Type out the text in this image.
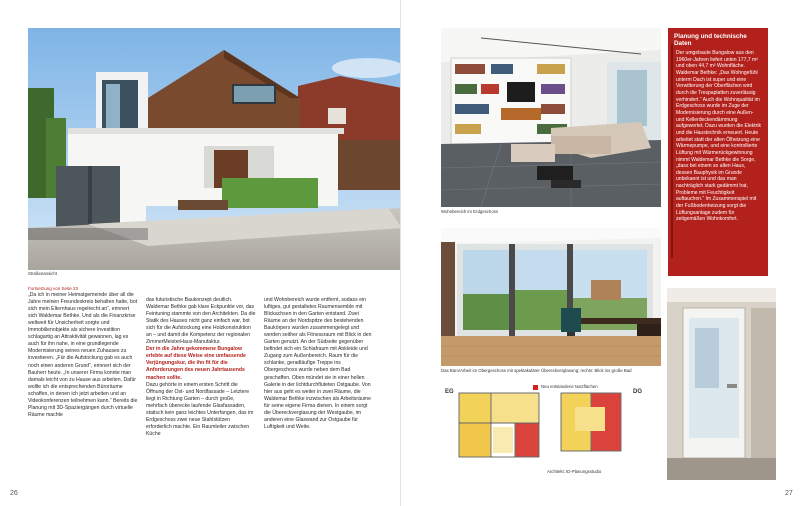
Straßenansicht
Fortsetzung von Seite 23

„Da ich in meiner Heimatgemeinde über all die Jahre meinen Freundeskreis behalten hatte, bot sich mein Elternhaus regelrecht an“, erinnert sich Waldemar Bethke. Und als die Finanzkrise weltweit für Unsicherheit sorgte und Immobilienobjekte als sichere Investition schlagartig an Attraktivität gewannen, lag es auch für ihn nahe, in eine grundlegende Modernisierung seines neuen Zuhauses zu investieren. „Für die Aufstockung gab es auch noch einen anderen Grund“, erinnert sich der Bauherr heute. „In unserer Firma konnte man damals leicht von zu Hause aus arbeiten. Dafür wollte ich die entsprechenden Büroräume schaffen, in denen ich jetzt arbeiten und an Videokonferenzen teilnehmen kann.“ Bereits die Planung mit 3D-Spaziergängen durch virtuelle Räume machte

das futuristische Baukonzept deutlich. Waldemar Bethke gab klare Eckpunkte vor, das Feintuning stammte von den Architekten. Da die Statik des Hauses nicht ganz einfach war, bot sich für die Aufstockung eine Holzkonstruktion an – und damit die Kompetenz der regionalen ZimmerMeisterHaus-Manufaktur.

Der in die Jahre gekommene Bungalow erlebte auf diese Weise eine umfassende Verjüngungskur, die ihn fit für die Anforderungen des neuen Jahrtausends machen sollte.

Dazu gehörte in einem ersten Schritt die Öffnung der Ost- und Nordfassade – Letztere liegt in Richtung Garten – durch große, mehrfach überecke laufende Glasfassaden, statisch kein ganz leichtes Unterfangen, das im Erdgeschoss zwei neue Stahlstützen erforderlich machte. Ein Raumteiler zwischen Küche

und Wohnbereich wurde entfernt, sodass ein luftiges, gut gestaltetes Raumensemble mit Blickachsen in den Garten entstand. Zwei Räume an der Nordspitze des bestehenden Baukörpers wurden zusammengelegt und werden seither als Fitnessraum mit Blick in den Garten genutzt. An der Südseite gegenüber befindet sich ein Schlafraum mit Ankleide und Zugang zum Außenbereich. Raum für die schlanke, geradläufige Treppe ins Obergeschoss wurde neben dem Bad geschaffen. Oben mündet sie in einer hellen Galerie in der lichtdurchfluteten Ostgaube. Von hier aus geht es weiter in zwei Räume, die Waldemar Bethke inzwischen als Arbeitsräume für seine eigene Firma dienen. In einem sorgt die Übereckverglasung der Westgaube, im anderen eine Glaswand zur Ostgaube für Luftigkeit und Weite.

26
Wohnbereich im Erdgeschoss
Planung und technische Daten

Der umgebaute Bungalow aus den 1960er-Jahren liefert unten 177,7 m² und oben 44,7 m² Wohnfläche. Waldemar Bethke: „Das Wohngefühl unterm Dach ist super und eine Verwitterung der Oberflächen wird durch die Trespaplatten zuverlässig verhindert.“ Auch die Wohnqualität im Erdgeschoss wurde im Zuge der Modernisierung durch eine Außen- und Kellerdeckendämmung aufgewertet. Dazu wurden die Elektrik und die Haustechnik erneuert. Heute arbeitet statt der alten Ölheizung eine Wärmepumpe, und eine kontrollierte Lüftung mit Wärmerückgewinnung nimmt Waldemar Bethke die Sorge, „dass bei einem so alten Haus, dessen Bauphysik im Grunde unbekannt ist und das man nachträglich stark gedämmt hat, Probleme mit Feuchtigkeit auftauchen.“ Im Zusammenspiel mit der Fußbodenheizung sorgt die Lüftungsanlage zudem für zeitgemäßen Wohnkomfort.

Das Büro/Arbeit im Obergeschoss mit spektakulärer Übereckverglasung; rechts: Blick ins große Bad
Neu entstandene Nutzflächen
EG	DG
Architekt: ID-Planungsstudio
27
